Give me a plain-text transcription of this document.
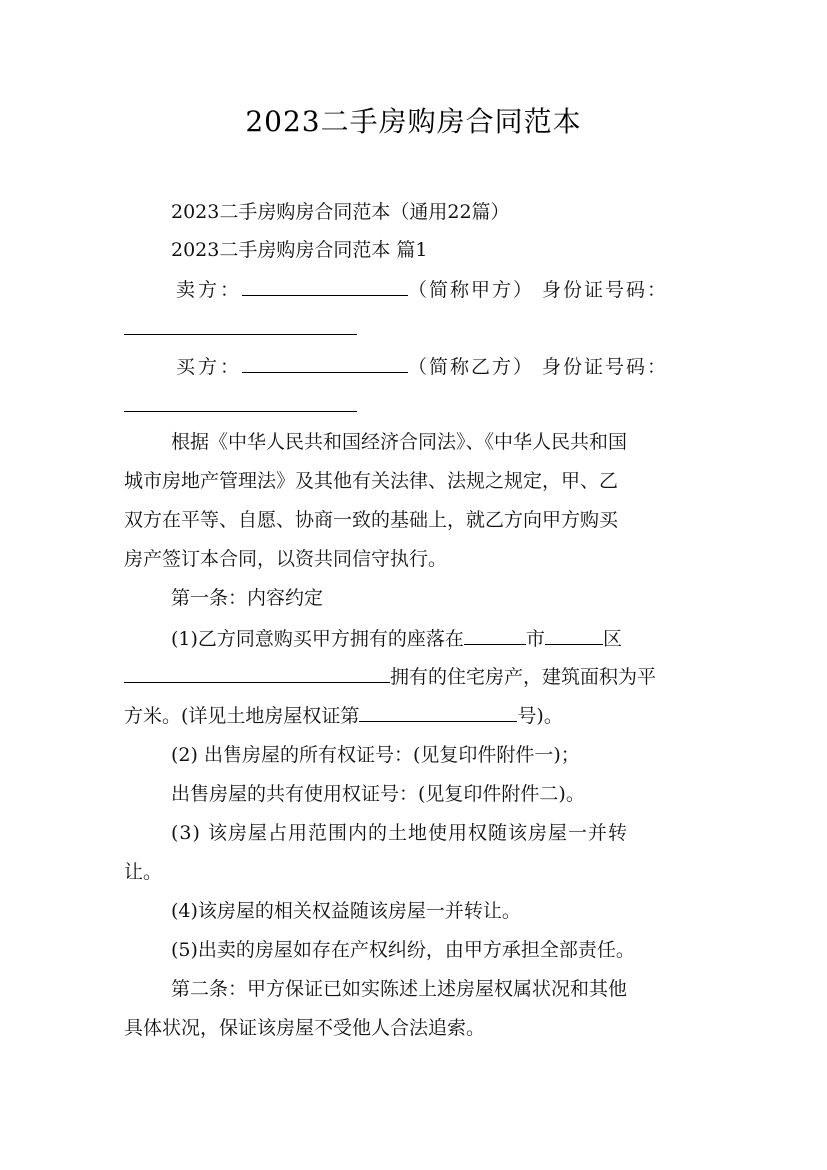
2023二手房购房合同范本
2023二手房购房合同范本（通用22篇）
2023二手房购房合同范本 篇1
卖方：	（简称甲方） 身份证号码：
买方：	（简称乙方） 身份证号码：
根据《中华人民共和国经济合同法》、《中华人民共和国
城市房地产管理法》及其他有关法律、法规之规定，甲、乙
双方在平等、自愿、协商一致的基础上，就乙方向甲方购买
房产签订本合同，以资共同信守执行。
第一条：内容约定
(1)乙方同意购买甲方拥有的座落在	市	区
拥有的住宅房产，建筑面积为平
方米。(详见土地房屋权证第	号)。
(2) 出售房屋的所有权证号：(见复印件附件一)；
出售房屋的共有使用权证号：(见复印件附件二)。
(3) 该房屋占用范围内的土地使用权随该房屋一并转
让。
(4)该房屋的相关权益随该房屋一并转让。
(5)出卖的房屋如存在产权纠纷，由甲方承担全部责任。
第二条：甲方保证已如实陈述上述房屋权属状况和其他
具体状况，保证该房屋不受他人合法追索。
